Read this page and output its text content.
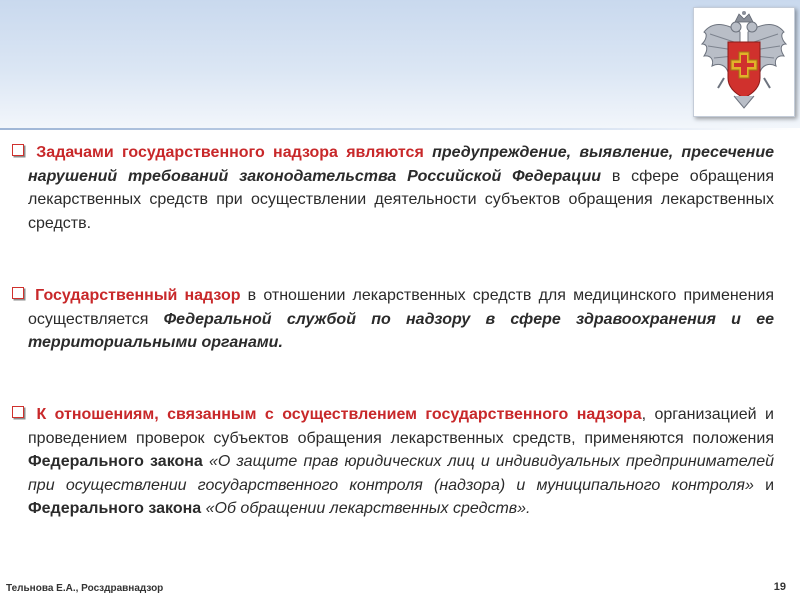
Задачами государственного надзора являются предупреждение, выявление, пресечение нарушений требований законодательства Российской Федерации в сфере обращения лекарственных средств при осуществлении деятельности субъектов обращения лекарственных средств.
Государственный надзор в отношении лекарственных средств для медицинского применения осуществляется Федеральной службой по надзору в сфере здравоохранения и ее территориальными органами.
К отношениям, связанным с осуществлением государственного надзора, организацией и проведением проверок субъектов обращения лекарственных средств, применяются положения Федерального закона «О защите прав юридических лиц и индивидуальных предпринимателей при осуществлении государственного контроля (надзора) и муниципального контроля» и Федерального закона «Об обращении лекарственных средств».
Тельнова Е.А., Росздравнадзор	19
